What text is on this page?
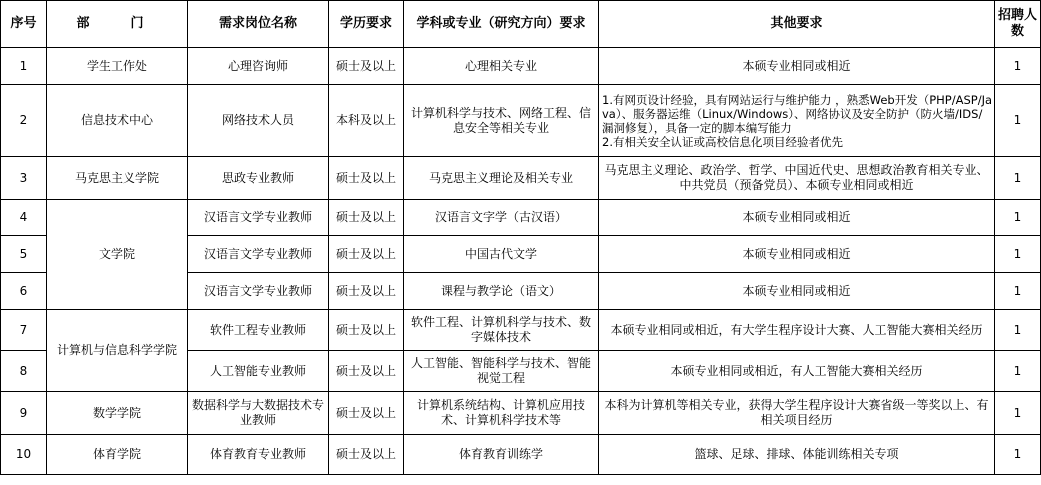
序号	部　门	需求岗位名称	学历要求	学科或专业（研究方向）要求	其他要求	招聘人数
1	学生工作处	心理咨询师	硕士及以上	心理相关专业	本硕专业相同或相近	1
2	信息技术中心	网络技术人员	本科及以上	计算机科学与技术、网络工程、信息安全等相关专业	1.有网页设计经验，具有网站运行与维护能力 ，熟悉Web开发（PHP/ASP/Java）、服务器运维（Linux/Windows）、网络协议及安全防护（防火墙/IDS/漏洞修复），具备一定的脚本编写能力
2.有相关安全认证或高校信息化项目经验者优先	1
3	马克思主义学院	思政专业教师	硕士及以上	马克思主义理论及相关专业	马克思主义理论、政治学、哲学、中国近代史、思想政治教育相关专业、中共党员（预备党员）、本硕专业相同或相近	1
4	文学院	汉语言文学专业教师	硕士及以上	汉语言文字学（古汉语）	本硕专业相同或相近	1
5		汉语言文学专业教师	硕士及以上	中国古代文学	本硕专业相同或相近	1
6		汉语言文学专业教师	硕士及以上	课程与教学论（语文）	本硕专业相同或相近	1
7	计算机与信息科学学院	软件工程专业教师	硕士及以上	软件工程、计算机科学与技术、数字媒体技术	本硕专业相同或相近，有大学生程序设计大赛、人工智能大赛相关经历	1
8		人工智能专业教师	硕士及以上	人工智能、智能科学与技术、智能视觉工程	本硕专业相同或相近，有人工智能大赛相关经历	1
9	数学学院	数据科学与大数据技术专业教师	硕士及以上	计算机系统结构、计算机应用技术、计算机科学技术等	本科为计算机等相关专业，获得大学生程序设计大赛省级一等奖以上、有相关项目经历	1
10	体育学院	体育教育专业教师	硕士及以上	体育教育训练学	篮球、足球、排球、体能训练相关专项	1
